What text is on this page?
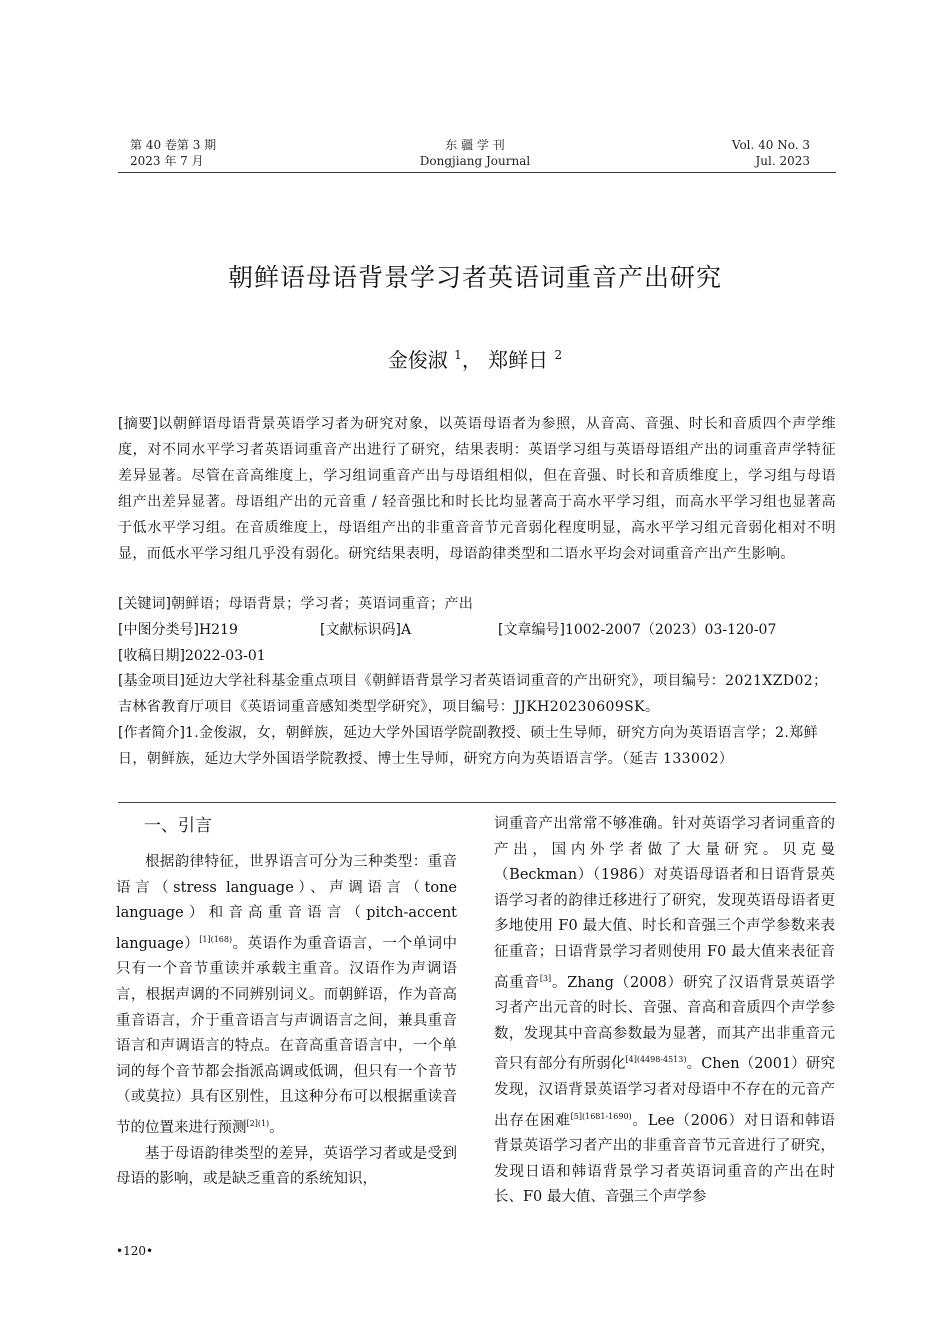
第 40 卷第 3 期
2023 年 7 月
东 疆 学 刊
Dongjiang Journal
Vol. 40 No. 3
Jul. 2023
朝鲜语母语背景学习者英语词重音产出研究
金俊淑 $^1$， 郑鲜日 $^2$
[摘要]以朝鲜语母语背景英语学习者为研究对象，以英语母语者为参照，从音高、音强、时长和音质四个声学维度，对不同水平学习者英语词重音产出进行了研究，结果表明：英语学习组与英语母语组产出的词重音声学特征差异显著。尽管在音高维度上，学习组词重音产出与母语组相似，但在音强、时长和音质维度上，学习组与母语组产出差异显著。母语组产出的元音重 / 轻音强比和时长比均显著高于高水平学习组，而高水平学习组也显著高于低水平学习组。在音质维度上，母语组产出的非重音音节元音弱化程度明显，高水平学习组元音弱化相对不明显，而低水平学习组几乎没有弱化。研究结果表明，母语韵律类型和二语水平均会对词重音产出产生影响。
[关键词]朝鲜语；母语背景；学习者；英语词重音；产出
[中图分类号]H219	[文献标识码]A	[文章编号]1002-2007（2023）03-120-07
[收稿日期]2022-03-01
[基金项目]延边大学社科基金重点项目《朝鲜语背景学习者英语词重音的产出研究》，项目编号：2021XZD02；吉林省教育厅项目《英语词重音感知类型学研究》，项目编号：JJKH20230609SK。
[作者简介]1.金俊淑，女，朝鲜族，延边大学外国语学院副教授、硕士生导师，研究方向为英语语言学；2.郑鲜日，朝鲜族，延边大学外国语学院教授、博士生导师，研究方向为英语语言学。（延吉 133002）

一、引言

根据韵律特征，世界语言可分为三种类型：重音语言（stress language）、声调语言（tone language）和音高重音语言（pitch-accent language）$^{[1](168)}$。英语作为重音语言，一个单词中只有一个音节重读并承载主重音。汉语作为声调语言，根据声调的不同辨别词义。而朝鲜语，作为音高重音语言，介于重音语言与声调语言之间，兼具重音语言和声调语言的特点。在音高重音语言中，一个单词的每个音节都会指派高调或低调，但只有一个音节（或莫拉）具有区别性，且这种分布可以根据重读音节的位置来进行预测$^{[2](1)}$。

基于母语韵律类型的差异，英语学习者或是受到母语的影响，或是缺乏重音的系统知识，

词重音产出常常不够准确。针对英语学习者词重音的产出，国内外学者做了大量研究。贝克曼（Beckman）（1986）对英语母语者和日语背景英语学习者的韵律迁移进行了研究，发现英语母语者更多地使用 F0 最大值、时长和音强三个声学参数来表征重音；日语背景学习者则使用 F0 最大值来表征音高重音[3]。Zhang（2008）研究了汉语背景英语学习者产出元音的时长、音强、音高和音质四个声学参数，发现其中音高参数最为显著，而其产出非重音元音只有部分有所弱化$^{[4](4498-4513)}$。Chen（2001）研究发现，汉语背景英语学习者对母语中不存在的元音产出存在困难$^{[5](1681-1690)}$。Lee（2006）对日语和韩语背景英语学习者产出的非重音音节元音进行了研究，发现日语和韩语背景学习者英语词重音的产出在时长、F0 最大值、音强三个声学参

•120•
